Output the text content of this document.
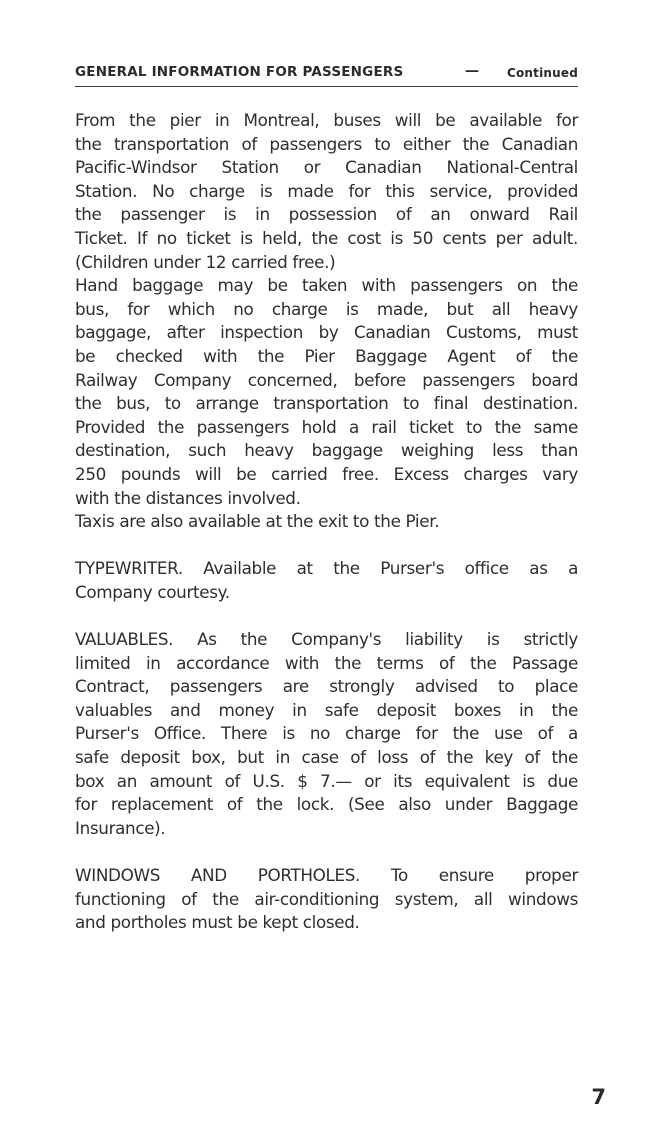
GENERAL INFORMATION FOR PASSENGERS	— Continued

From the pier in Montreal, buses will be available for

the transportation of passengers to either the Canadian

Pacific-Windsor Station or Canadian National-Central

Station. No charge is made for this service, provided

the passenger is in possession of an onward Rail

Ticket. If no ticket is held, the cost is 50 cents per adult.

(Children under 12 carried free.)

Hand baggage may be taken with passengers on the

bus, for which no charge is made, but all heavy

baggage, after inspection by Canadian Customs, must

be checked with the Pier Baggage Agent of the

Railway Company concerned, before passengers board

the bus, to arrange transportation to final destination.

Provided the passengers hold a rail ticket to the same

destination, such heavy baggage weighing less than

250 pounds will be carried free. Excess charges vary

with the distances involved.

Taxis are also available at the exit to the Pier.

TYPEWRITER. Available at the Purser's office as a

Company courtesy.

VALUABLES. As the Company's liability is strictly

limited in accordance with the terms of the Passage

Contract, passengers are strongly advised to place

valuables and money in safe deposit boxes in the

Purser's Office. There is no charge for the use of a

safe deposit box, but in case of loss of the key of the

box an amount of U.S. $ 7.— or its equivalent is due

for replacement of the lock. (See also under Baggage

Insurance).

WINDOWS AND PORTHOLES. To ensure proper

functioning of the air-conditioning system, all windows

and portholes must be kept closed.

7
